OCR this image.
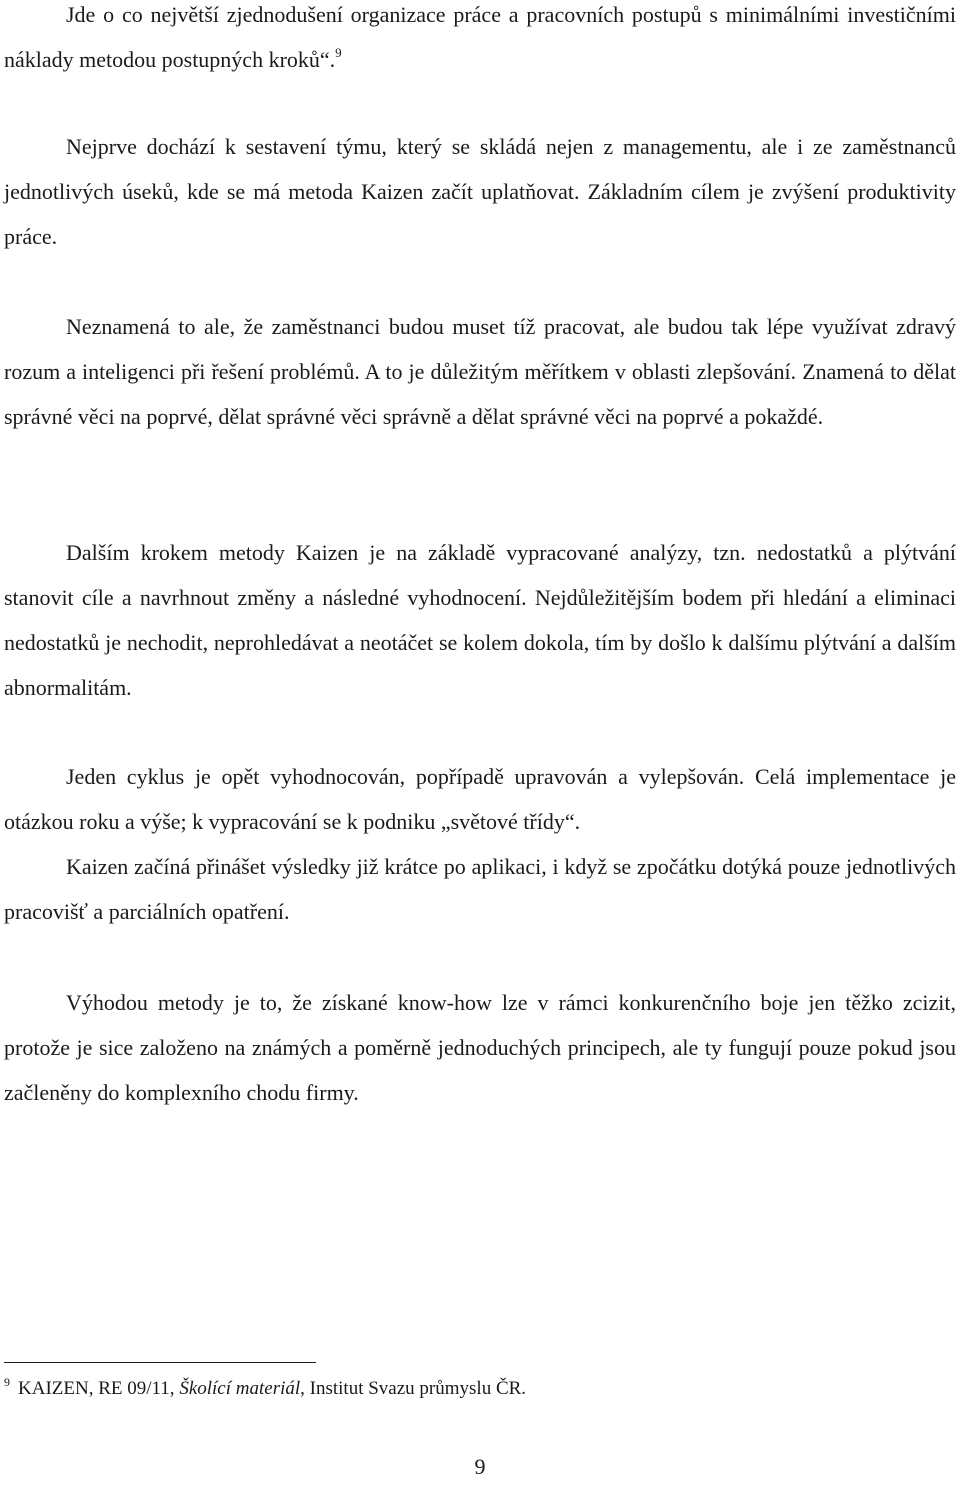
Jde o co největší zjednodušení organizace práce a pracovních postupů s minimálními investičními náklady metodou postupných kroků“.$^9$

Nejprve dochází k sestavení týmu, který se skládá nejen z managementu, ale i ze zaměstnanců jednotlivých úseků, kde se má metoda Kaizen začít uplatňovat. Základním cílem je zvýšení produktivity práce.

Neznamená to ale, že zaměstnanci budou muset tíž pracovat, ale budou tak lépe využívat zdravý rozum a inteligenci při řešení problémů. A to je důležitým měřítkem v oblasti zlepšování. Znamená to dělat správné věci na poprvé, dělat správné věci správně a dělat správné věci na poprvé a pokaždé.

Dalším krokem metody Kaizen je na základě vypracované analýzy, tzn. nedostatků a plýtvání stanovit cíle a navrhnout změny a následné vyhodnocení. Nejdůležitějším bodem při hledání a eliminaci nedostatků je nechodit, neprohledávat a neotáčet se kolem dokola, tím by došlo k dalšímu plýtvání a dalším abnormalitám.

Jeden cyklus je opět vyhodnocován, popřípadě upravován a vylepšován. Celá implementace je otázkou roku a výše; k vypracování se k podniku „světové třídy“.

Kaizen začíná přinášet výsledky již krátce po aplikaci, i když se zpočátku dotýká pouze jednotlivých pracovišť a parciálních opatření.

Výhodou metody je to, že získané know-how lze v rámci konkurenčního boje jen těžko zcizit, protože je sice založeno na známých a poměrně jednoduchých principech, ale ty fungují pouze pokud jsou začleněny do komplexního chodu firmy.

$^9$ KAIZEN, RE 09/11, Školící materiál, Institut Svazu průmyslu ČR.

9
